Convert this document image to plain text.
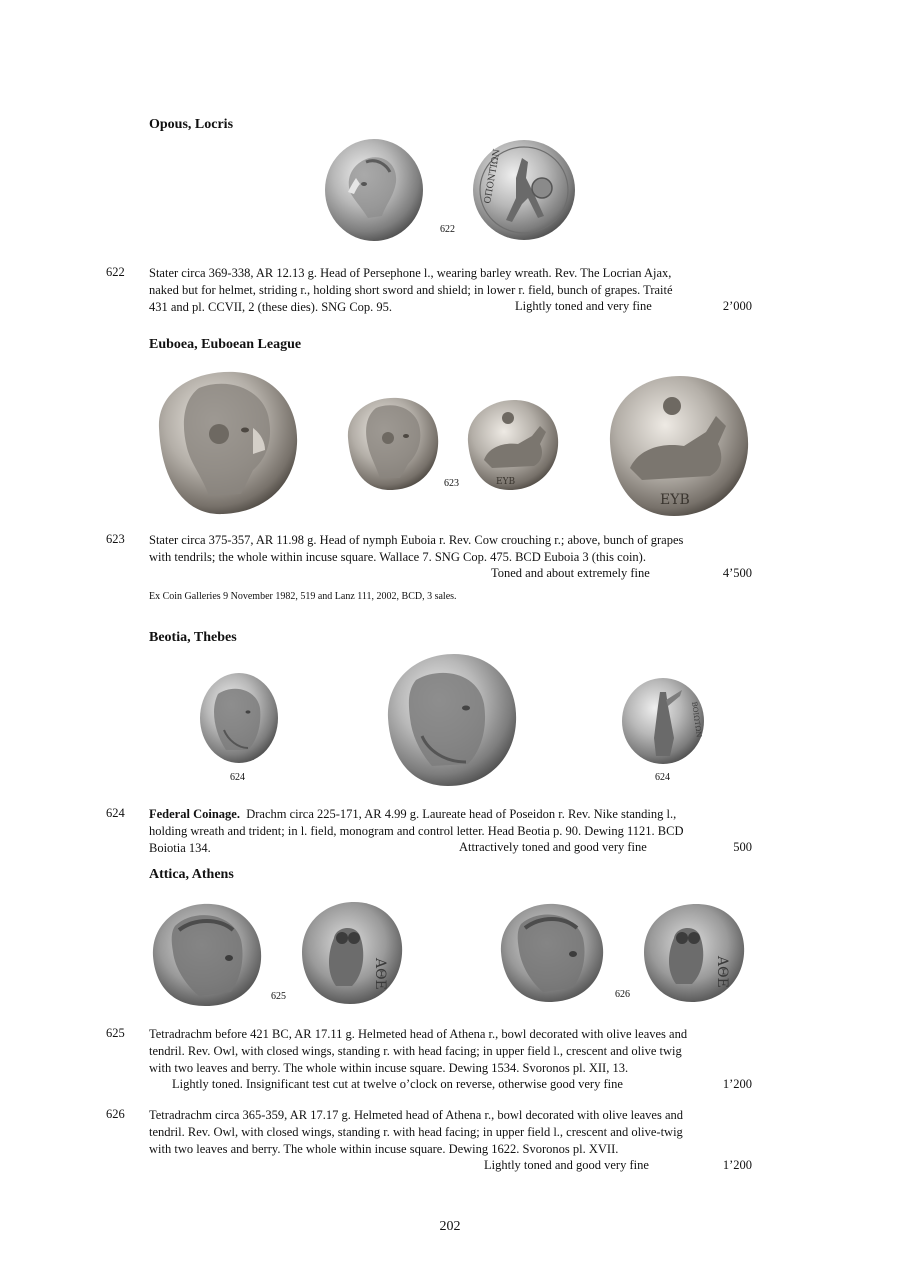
Opous, Locris
ΟΠΟΝΤΙΩΝ
622
622 Stater circa 369-338, AR 12.13 g. Head of Persephone l., wearing barley wreath. Rev. The Locrian Ajax,
naked but for helmet, striding r., holding short sword and shield; in lower r. field, bunch of grapes. Traité
431 and pl. CCVII, 2 (these dies). SNG Cop. 95.	Lightly toned and very fine	2’000
Euboea, Euboean League
ΕΥΒ
ΕΥΒ
623
623 Stater circa 375-357, AR 11.98 g. Head of nymph Euboia r. Rev. Cow crouching r.; above, bunch of grapes
with tendrils; the whole within incuse square. Wallace 7. SNG Cop. 475. BCD Euboia 3 (this coin).
Toned and about extremely fine	4’500
Ex Coin Galleries 9 November 1982, 519 and Lanz 111, 2002, BCD, 3 sales.
Beotia, Thebes
ΒΟΙΩΤΩΝ
624	624
624 Federal Coinage. Drachm circa 225-171, AR 4.99 g. Laureate head of Poseidon r. Rev. Nike standing l.,
holding wreath and trident; in l. field, monogram and control letter. Head Beotia p. 90. Dewing 1121. BCD
Boiotia 134.	Attractively toned and good very fine	500
Attica, Athens
ΑΘΕ
625
ΑΘΕ
626
625 Tetradrachm before 421 BC, AR 17.11 g. Helmeted head of Athena r., bowl decorated with olive leaves and
tendril. Rev. Owl, with closed wings, standing r. with head facing; in upper field l., crescent and olive twig
with two leaves and berry. The whole within incuse square. Dewing 1534. Svoronos pl. XII, 13.
Lightly toned. Insignificant test cut at twelve o’clock on reverse, otherwise good very fine	1’200
626 Tetradrachm circa 365-359, AR 17.17 g. Helmeted head of Athena r., bowl decorated with olive leaves and
tendril. Rev. Owl, with closed wings, standing r. with head facing; in upper field l., crescent and olive-twig
with two leaves and berry. The whole within incuse square. Dewing 1622. Svoronos pl. XVII.
Lightly toned and good very fine	1’200
202
